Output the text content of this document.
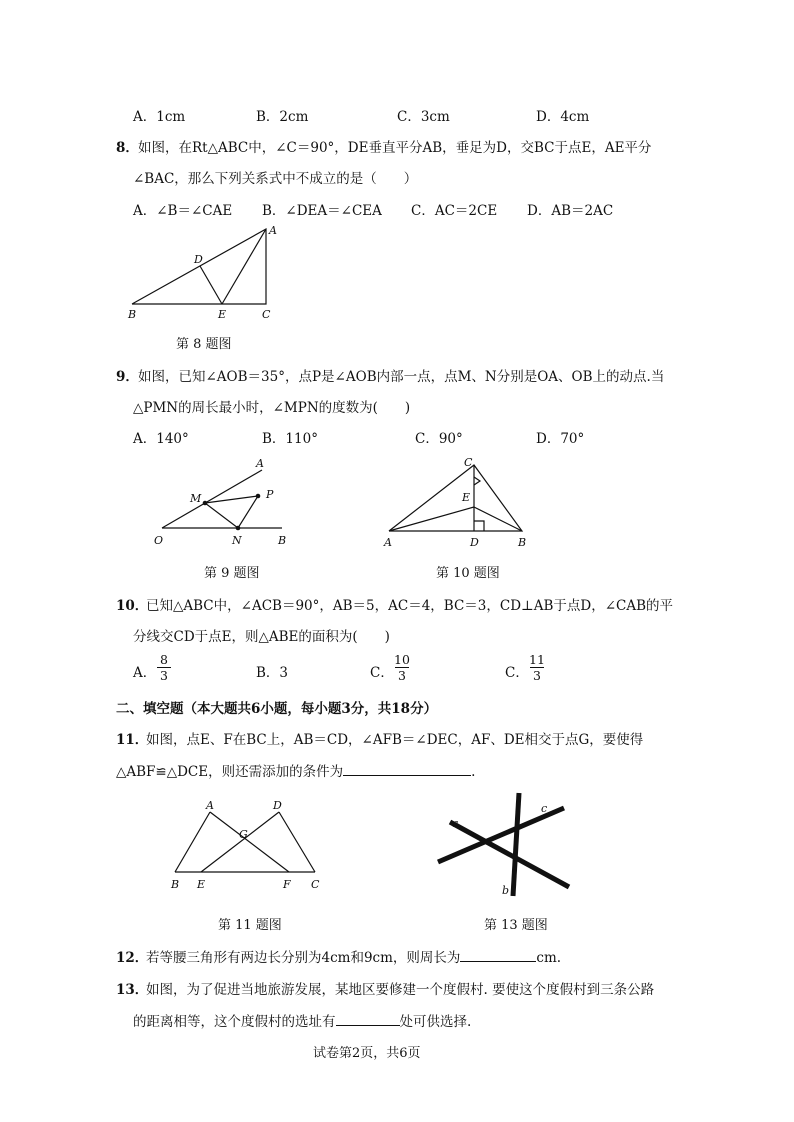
A．1cm	B．2cm	C．3cm	D．4cm
8． 如图，在Rt△ABC中，∠C＝90°，DE垂直平分AB，垂足为D，交BC于点E，AE平分
∠BAC，那么下列关系式中不成立的是（　　）
A．∠B＝∠CAE B．∠DEA＝∠CEA C．AC＝2CE D．AB＝2AC
A
D
B	E	C
第 8 题图
9． 如图，已知∠AOB＝35°，点P是∠AOB内部一点，点M、N分别是OA、OB上的动点.当
△PMN的周长最小时，∠MPN的度数为(　　)
A．140°	B．110°	C．90°	D．70°
A
M	P
O	N	B
第 9 题图
C
E
A	D	B
第 10 题图
10．
已知△ABC中，∠ACB＝90°，AB＝5，AC＝4，BC＝3，CD⊥AB于点D，∠CAB的平
分线交CD于点E，则△ABE的面积为(　　)
A．
8
3	B．3	C．
10
3	C．
11
3
二、填空题（本大题共6小题，每小题3分，共18分）
11．
如图，点E、F在BC上，AB＝CD，∠AFB＝∠DEC，AF、DE相交于点G，要使得
△ABF≌△DCE，则还需添加的条件为	.
A	D
G
B E	F C
第 11 题图
a
b
c
第 13 题图
12．
若等腰三角形有两边长分别为4cm和9cm，则周长为	cm.
13．
如图，为了促进当地旅游发展，某地区要修建一个度假村. 要使这个度假村到三条公路
的距离相等，这个度假村的选址有	处可供选择.
试卷第2页，共6页
